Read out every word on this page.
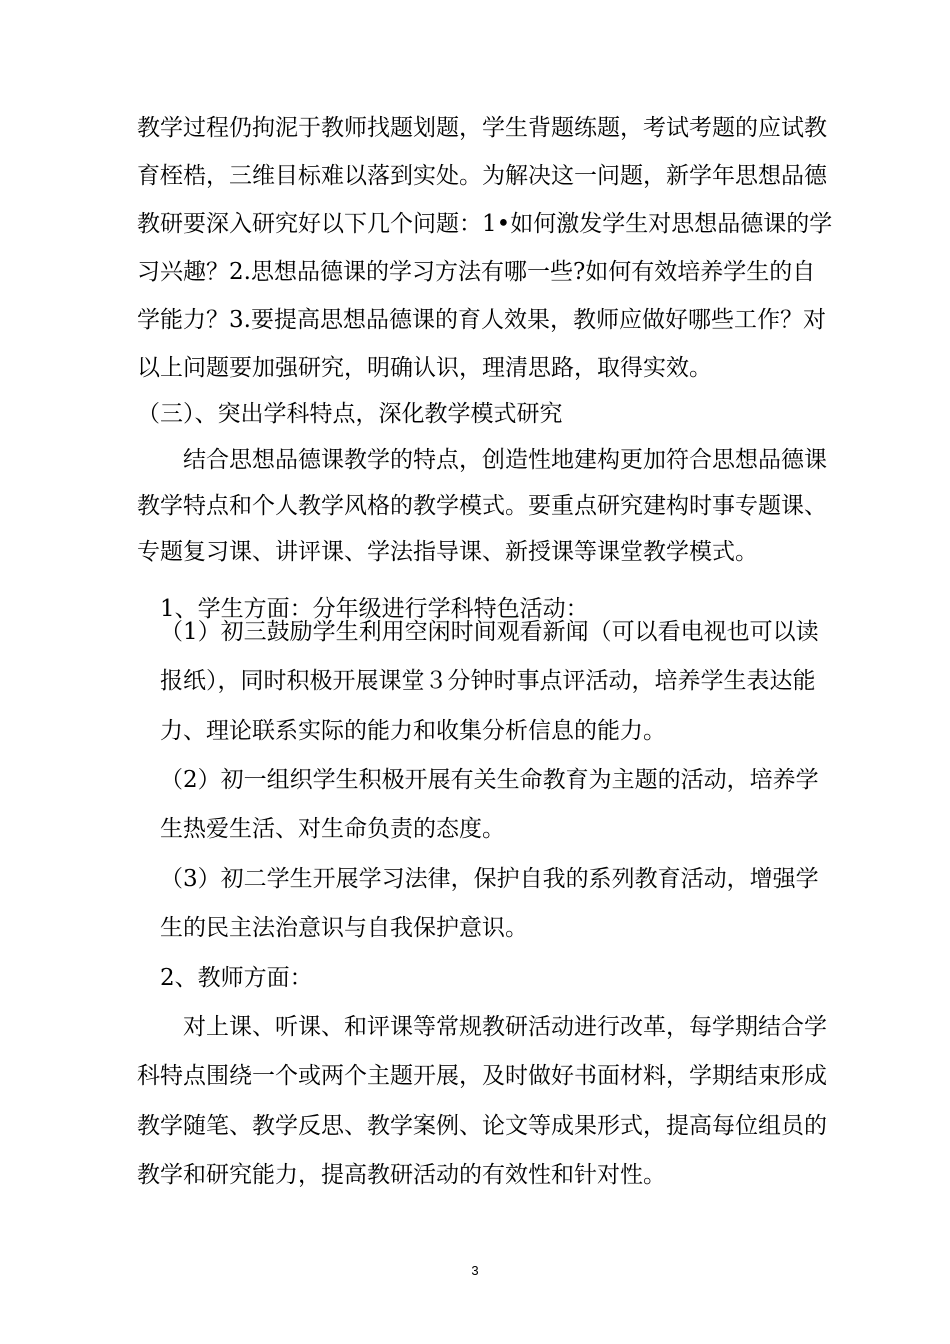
教学过程仍拘泥于教师找题划题，学生背题练题，考试考题的应试教
育桎梏，三维目标难以落到实处。为解决这一问题，新学年思想品德
教研要深入研究好以下几个问题：1•如何激发学生对思想品德课的学
习兴趣？2.思想品德课的学习方法有哪一些?如何有效培养学生的自
学能力？3.要提高思想品德课的育人效果，教师应做好哪些工作？对
以上问题要加强研究，明确认识，理清思路，取得实效。
（三）、突出学科特点，深化教学模式研究
结合思想品德课教学的特点，创造性地建构更加符合思想品德课
教学特点和个人教学风格的教学模式。要重点研究建构时事专题课、
专题复习课、讲评课、学法指导课、新授课等课堂教学模式。
1、学生方面：分年级进行学科特色活动：
（1）初三鼓励学生利用空闲时间观看新闻（可以看电视也可以读
报纸），同时积极开展课堂３分钟时事点评活动，培养学生表达能
力、理论联系实际的能力和收集分析信息的能力。
（2）初一组织学生积极开展有关生命教育为主题的活动，培养学
生热爱生活、对生命负责的态度。
（3）初二学生开展学习法律，保护自我的系列教育活动，增强学
生的民主法治意识与自我保护意识。
2、教师方面：
对上课、听课、和评课等常规教研活动进行改革，每学期结合学
科特点围绕一个或两个主题开展，及时做好书面材料，学期结束形成
教学随笔、教学反思、教学案例、论文等成果形式，提高每位组员的
教学和研究能力，提高教研活动的有效性和针对性。
3
